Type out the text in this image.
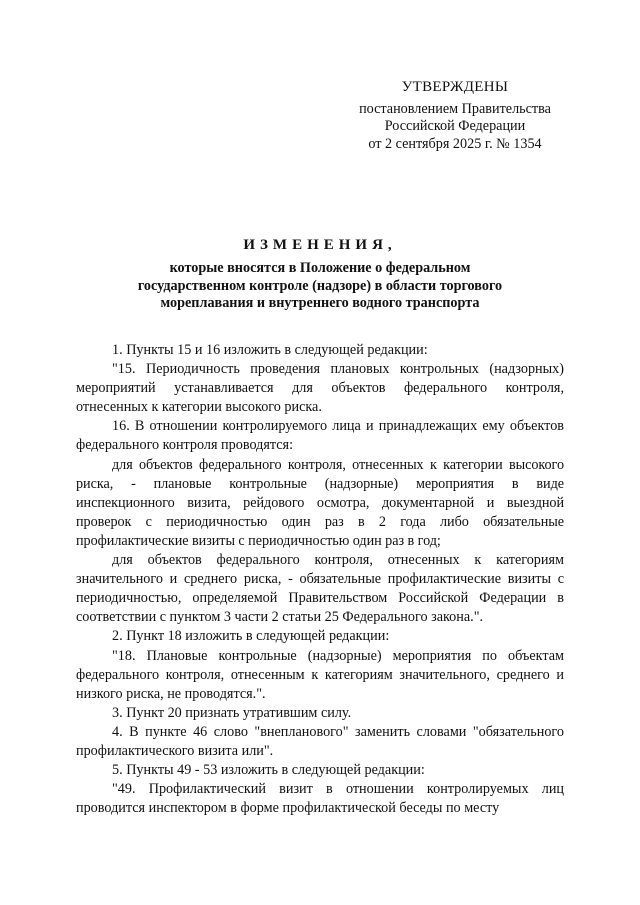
УТВЕРЖДЕНЫ
постановлением Правительства
Российской Федерации
от 2 сентября 2025 г. № 1354
ИЗМЕНЕНИЯ,
которые вносятся в Положение о федеральном
государственном контроле (надзоре) в области торгового
мореплавания и внутреннего водного транспорта

1. Пункты 15 и 16 изложить в следующей редакции:

"15. Периодичность проведения плановых контрольных (надзорных) мероприятий устанавливается для объектов федерального контроля, отнесенных к категории высокого риска.

16. В отношении контролируемого лица и принадлежащих ему объектов федерального контроля проводятся:

для объектов федерального контроля, отнесенных к категории высокого риска, - плановые контрольные (надзорные) мероприятия в виде инспекционного визита, рейдового осмотра, документарной и выездной проверок с периодичностью один раз в 2 года либо обязательные профилактические визиты с периодичностью один раз в год;

для объектов федерального контроля, отнесенных к категориям значительного и среднего риска, - обязательные профилактические визиты с периодичностью, определяемой Правительством Российской Федерации в соответствии с пунктом 3 части 2 статьи 25 Федерального закона.".

2. Пункт 18 изложить в следующей редакции:

"18. Плановые контрольные (надзорные) мероприятия по объектам федерального контроля, отнесенным к категориям значительного, среднего и низкого риска, не проводятся.".

3. Пункт 20 признать утратившим силу.

4. В пункте 46 слово "внепланового" заменить словами "обязательного профилактического визита или".

5. Пункты 49 - 53 изложить в следующей редакции:

"49. Профилактический визит в отношении контролируемых лиц проводится инспектором в форме профилактической беседы по месту
